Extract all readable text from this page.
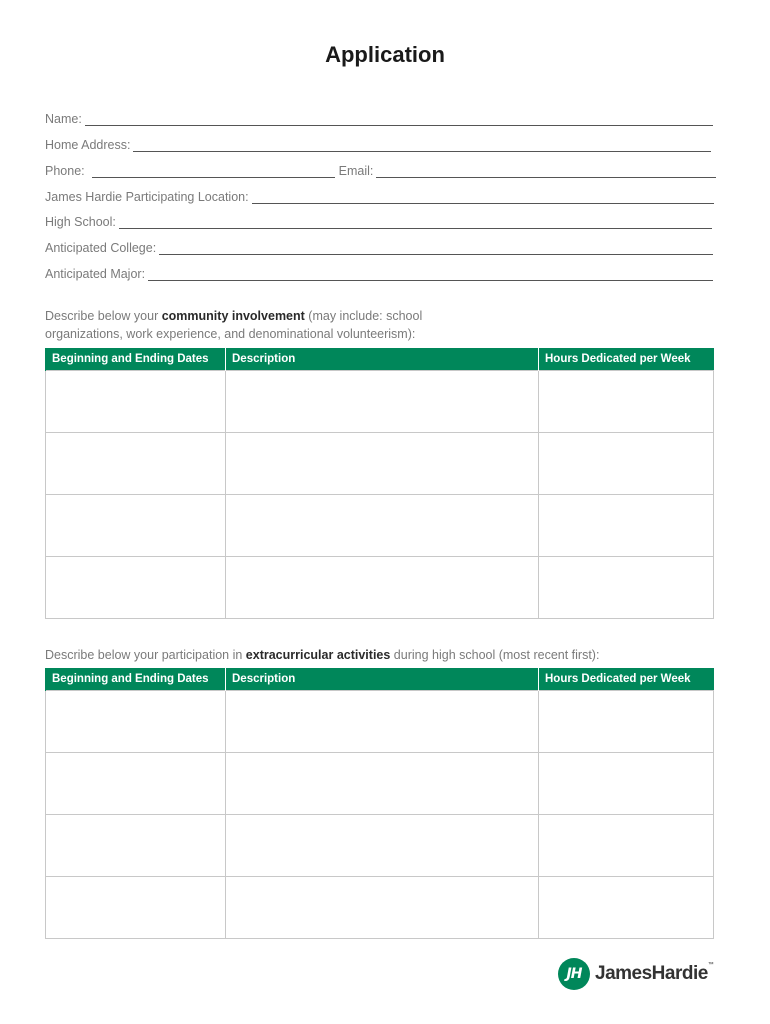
Application
Name:
Home Address:
Phone:	Email:
James Hardie Participating Location:
High School:
Anticipated College:
Anticipated Major:
Describe below your community involvement (may include: school organizations, work experience, and denominational volunteerism):
Beginning and Ending Dates	Description	Hours Dedicated per Week

Describe below your participation in extracurricular activities during high school (most recent first):
Beginning and Ending Dates	Description	Hours Dedicated per Week

JH JamesHardie ™
